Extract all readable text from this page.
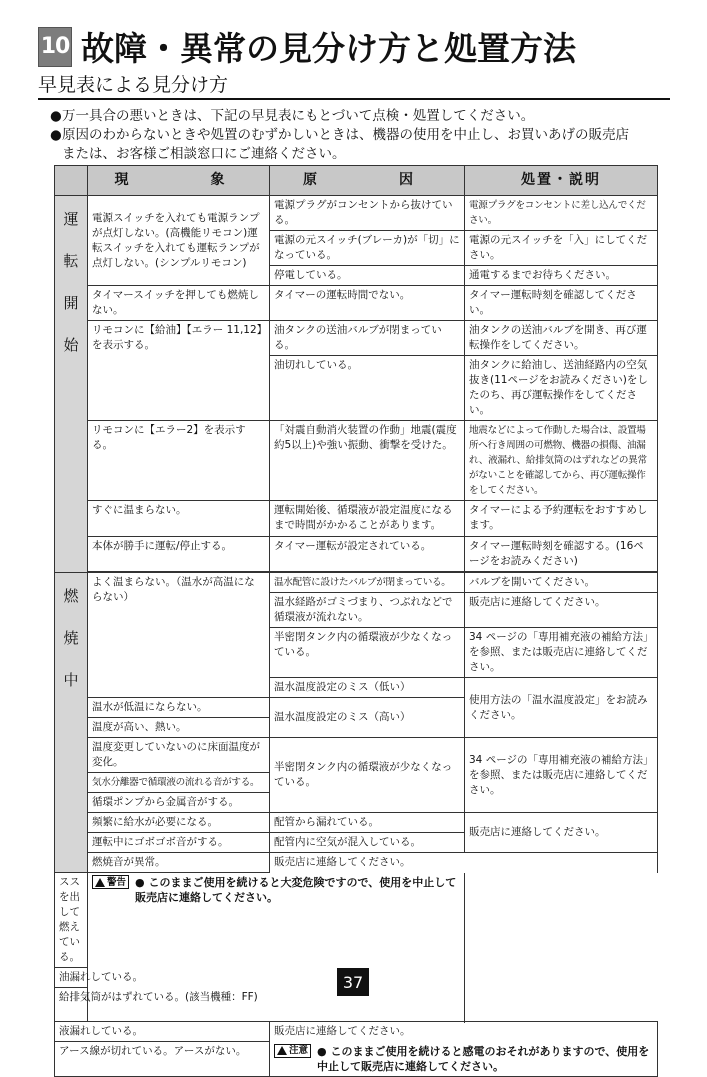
10 故障・異常の見分け方と処置方法
早見表による見分け方
● 万一具合の悪いときは、下記の早見表にもとづいて点検・処置してください。
● 原因のわからないときや処置のむずかしいときは、機器の使用を中止し、お買いあげの販売店
または、お客様ご相談窓口にご連絡ください。
	現　　象	原　　因	処置・説明

運
転
開
始	電源スイッチを入れても電源ランプが点灯しない。(高機能リモコン)運転スイッチを入れても運転ランプが点灯しない。(シンプルリモコン)	電源プラグがコンセントから抜けている。	電源プラグをコンセントに差し込んでください。
		電源の元スイッチ(ブレーカ)が「切」になっている。	電源の元スイッチを「入」にしてください。
		停電している。	通電するまでお待ちください。
	タイマースイッチを押しても燃焼しない。	タイマーの運転時間でない。	タイマー運転時刻を確認してください。
	リモコンに【給油】【エラー 11,12】を表示する。	油タンクの送油バルブが閉まっている。	油タンクの送油バルブを開き、再び運転操作をしてください。
		油切れしている。	油タンクに給油し、送油経路内の空気抜き(11ページをお読みください)をしたのち、再び運転操作をしてください。
	リモコンに【エラー2】を表示する。	「対震自動消火装置の作動」地震(震度約5以上)や強い振動、衝撃を受けた。	地震などによって作動した場合は、設置場所へ行き周囲の可燃物、機器の損傷、油漏れ、液漏れ、給排気筒のはずれなどの異常がないことを確認してから、再び運転操作をしてください。
	すぐに温まらない。	運転開始後、循環液が設定温度になるまで時間がかかることがあります。	タイマーによる予約運転をおすすめします。
	本体が勝手に運転/停止する。	タイマー運転が設定されている。	タイマー運転時刻を確認する。(16ページをお読みください)

燃
焼
中	よく温まらない。（温水が高温にならない）	温水配管に設けたバルブが閉まっている。	バルブを開いてください。
		温水経路がゴミづまり、つぶれなどで循環液が流れない。	販売店に連絡してください。
		半密閉タンク内の循環液が少なくなっている。	34 ページの「専用補充液の補給方法」を参照、または販売店に連絡してください。
		温水温度設定のミス（低い）	使用方法の「温水温度設定」をお読みください。
	温水が低温にならない。	温水温度設定のミス（高い）	
	温度が高い、熱い。		
	温度変更していないのに床面温度が変化。	半密閉タンク内の循環液が少なくなっている。	34 ページの「専用補充液の補給方法」を参照、または販売店に連絡してください。
	気水分離器で循環液の流れる音がする。		
	循環ポンプから金属音がする。		
	頻繁に給水が必要になる。	配管から漏れている。	販売店に連絡してください。
	運転中にゴボゴボ音がする。	配管内に空気が混入している。	
	燃焼音が異常。	販売店に連絡してください。	
ススを出して燃えている。	警告 ● このままご使用を続けると大変危険ですので、使用を中止して販売店に連絡してください。		

油漏れしている。			
給排気筒がはずれている。(該当機種：FF)			

液漏れしている。		販売店に連絡してください。	
アース線が切れている。アースがない。		注意 ● このままご使用を続けると感電のおそれがありますので、使用を中止して販売店に連絡してください。	
37
